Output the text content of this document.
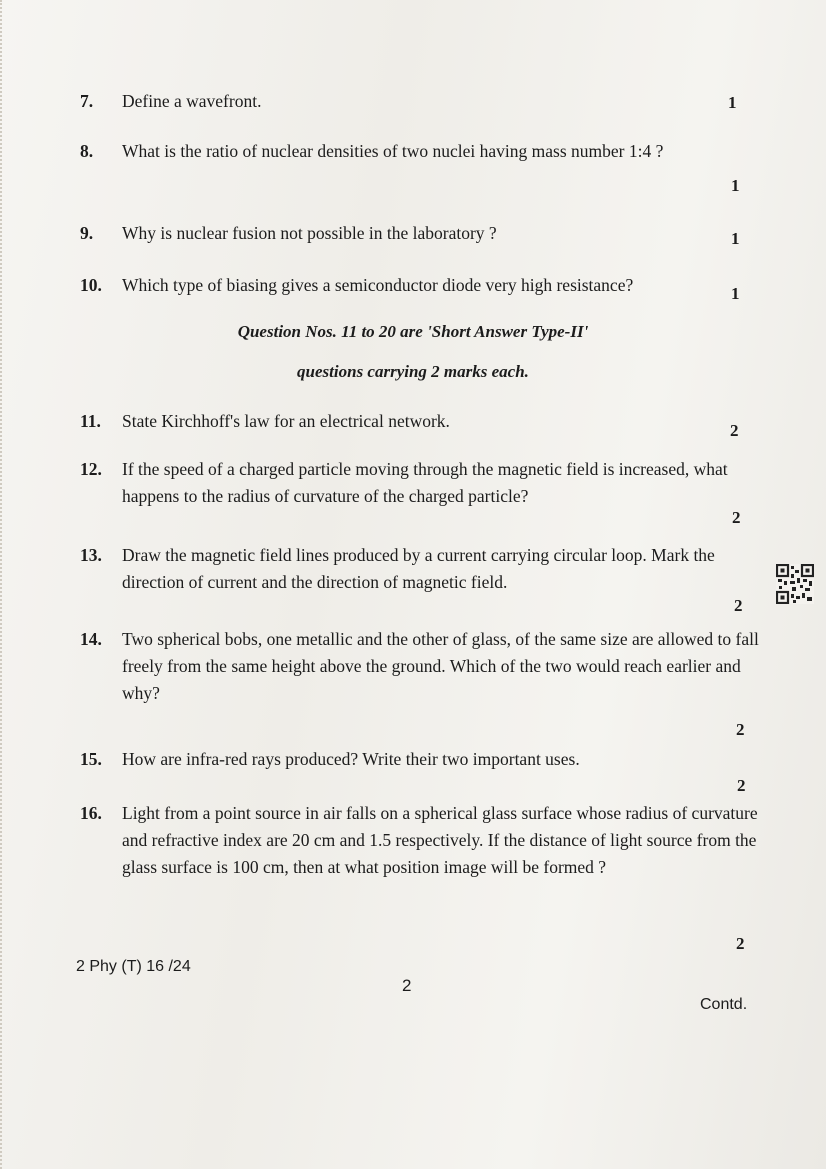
7.	Define a wavefront.	1
8.	What is the ratio of nuclear densities of two nuclei having mass number 1:4 ?
1
9.	Why is nuclear fusion not possible in the laboratory ?	1
10.	Which type of biasing gives a semiconductor diode very high resistance?	1
Question Nos. 11 to 20 are 'Short Answer Type-II'
questions carrying 2 marks each.
11.	State Kirchhoff's law for an electrical network.	2
12.	If the speed of a charged particle moving through the magnetic field is increased, what happens to the radius of curvature of the charged particle?
2
13.	Draw the magnetic field lines produced by a current carrying circular loop. Mark the direction of current and the direction of magnetic field.
2
14.	Two spherical bobs, one metallic and the other of glass, of the same size are allowed to fall freely from the same height above the ground. Which of the two would reach earlier and why?
2
15.	How are infra-red rays produced? Write their two important uses.
2
16.	Light from a point source in air falls on a spherical glass surface whose radius of curvature and refractive index are 20 cm and 1.5 respectively. If the distance of light source from the glass surface is 100 cm, then at what position image will be formed ?
2
2 Phy (T) 16 /24
2
Contd.
